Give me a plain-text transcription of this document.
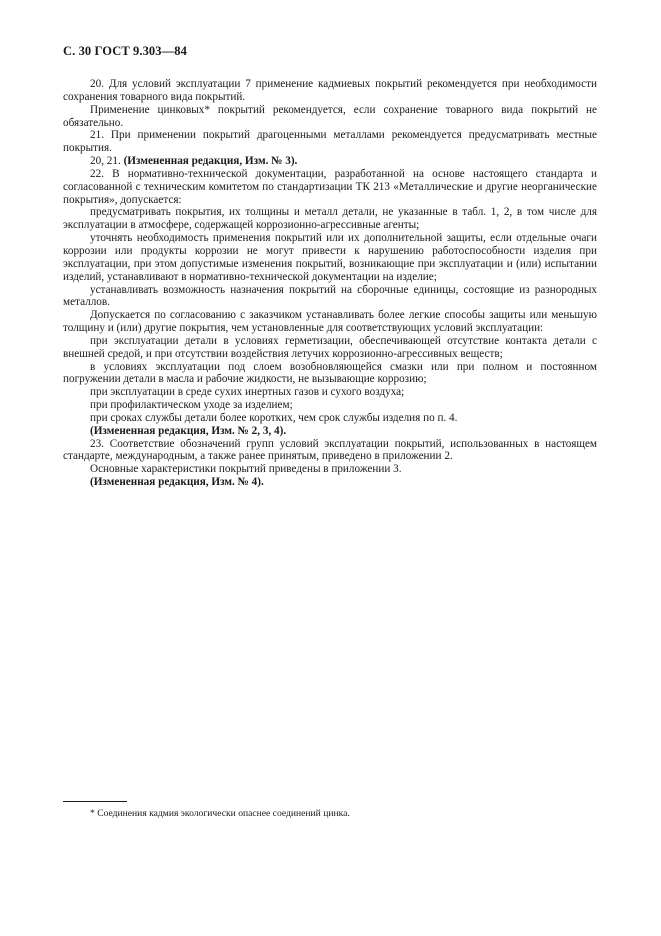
С. 30 ГОСТ 9.303—84

20. Для условий эксплуатации 7 применение кадмиевых покрытий рекомендуется при необходимости сохранения товарного вида покрытий.

Применение цинковых* покрытий рекомендуется, если сохранение товарного вида покрытий не обязательно.

21. При применении покрытий драгоценными металлами рекомендуется предусматривать местные покрытия.

20, 21. (Измененная редакция, Изм. № 3).

22. В нормативно-технической документации, разработанной на основе настоящего стандарта и согласованной с техническим комитетом по стандартизации ТК 213 «Металлические и другие неорганические покрытия», допускается:

предусматривать покрытия, их толщины и металл детали, не указанные в табл. 1, 2, в том числе для эксплуатации в атмосфере, содержащей коррозионно-агрессивные агенты;

уточнять необходимость применения покрытий или их дополнительной защиты, если отдельные очаги коррозии или продукты коррозии не могут привести к нарушению работоспособности изделия при эксплуатации, при этом допустимые изменения покрытий, возникающие при эксплуатации и (или) испытании изделий, устанавливают в нормативно-технической документации на изделие;

устанавливать возможность назначения покрытий на сборочные единицы, состоящие из разнородных металлов.

Допускается по согласованию с заказчиком устанавливать более легкие способы защиты или меньшую толщину и (или) другие покрытия, чем установленные для соответствующих условий эксплуатации:

при эксплуатации детали в условиях герметизации, обеспечивающей отсутствие контакта детали с внешней средой, и при отсутствии воздействия летучих коррозионно-агрессивных веществ;

в условиях эксплуатации под слоем возобновляющейся смазки или при полном и постоянном погружении детали в масла и рабочие жидкости, не вызывающие коррозию;

при эксплуатации в среде сухих инертных газов и сухого воздуха;

при профилактическом уходе за изделием;

при сроках службы детали более коротких, чем срок службы изделия по п. 4.

(Измененная редакция, Изм. № 2, 3, 4).

23. Соответствие обозначений групп условий эксплуатации покрытий, использованных в настоящем стандарте, международным, а также ранее принятым, приведено в приложении 2.

Основные характеристики покрытий приведены в приложении 3.

(Измененная редакция, Изм. № 4).

* Соединения кадмия экологически опаснее соединений цинка.
